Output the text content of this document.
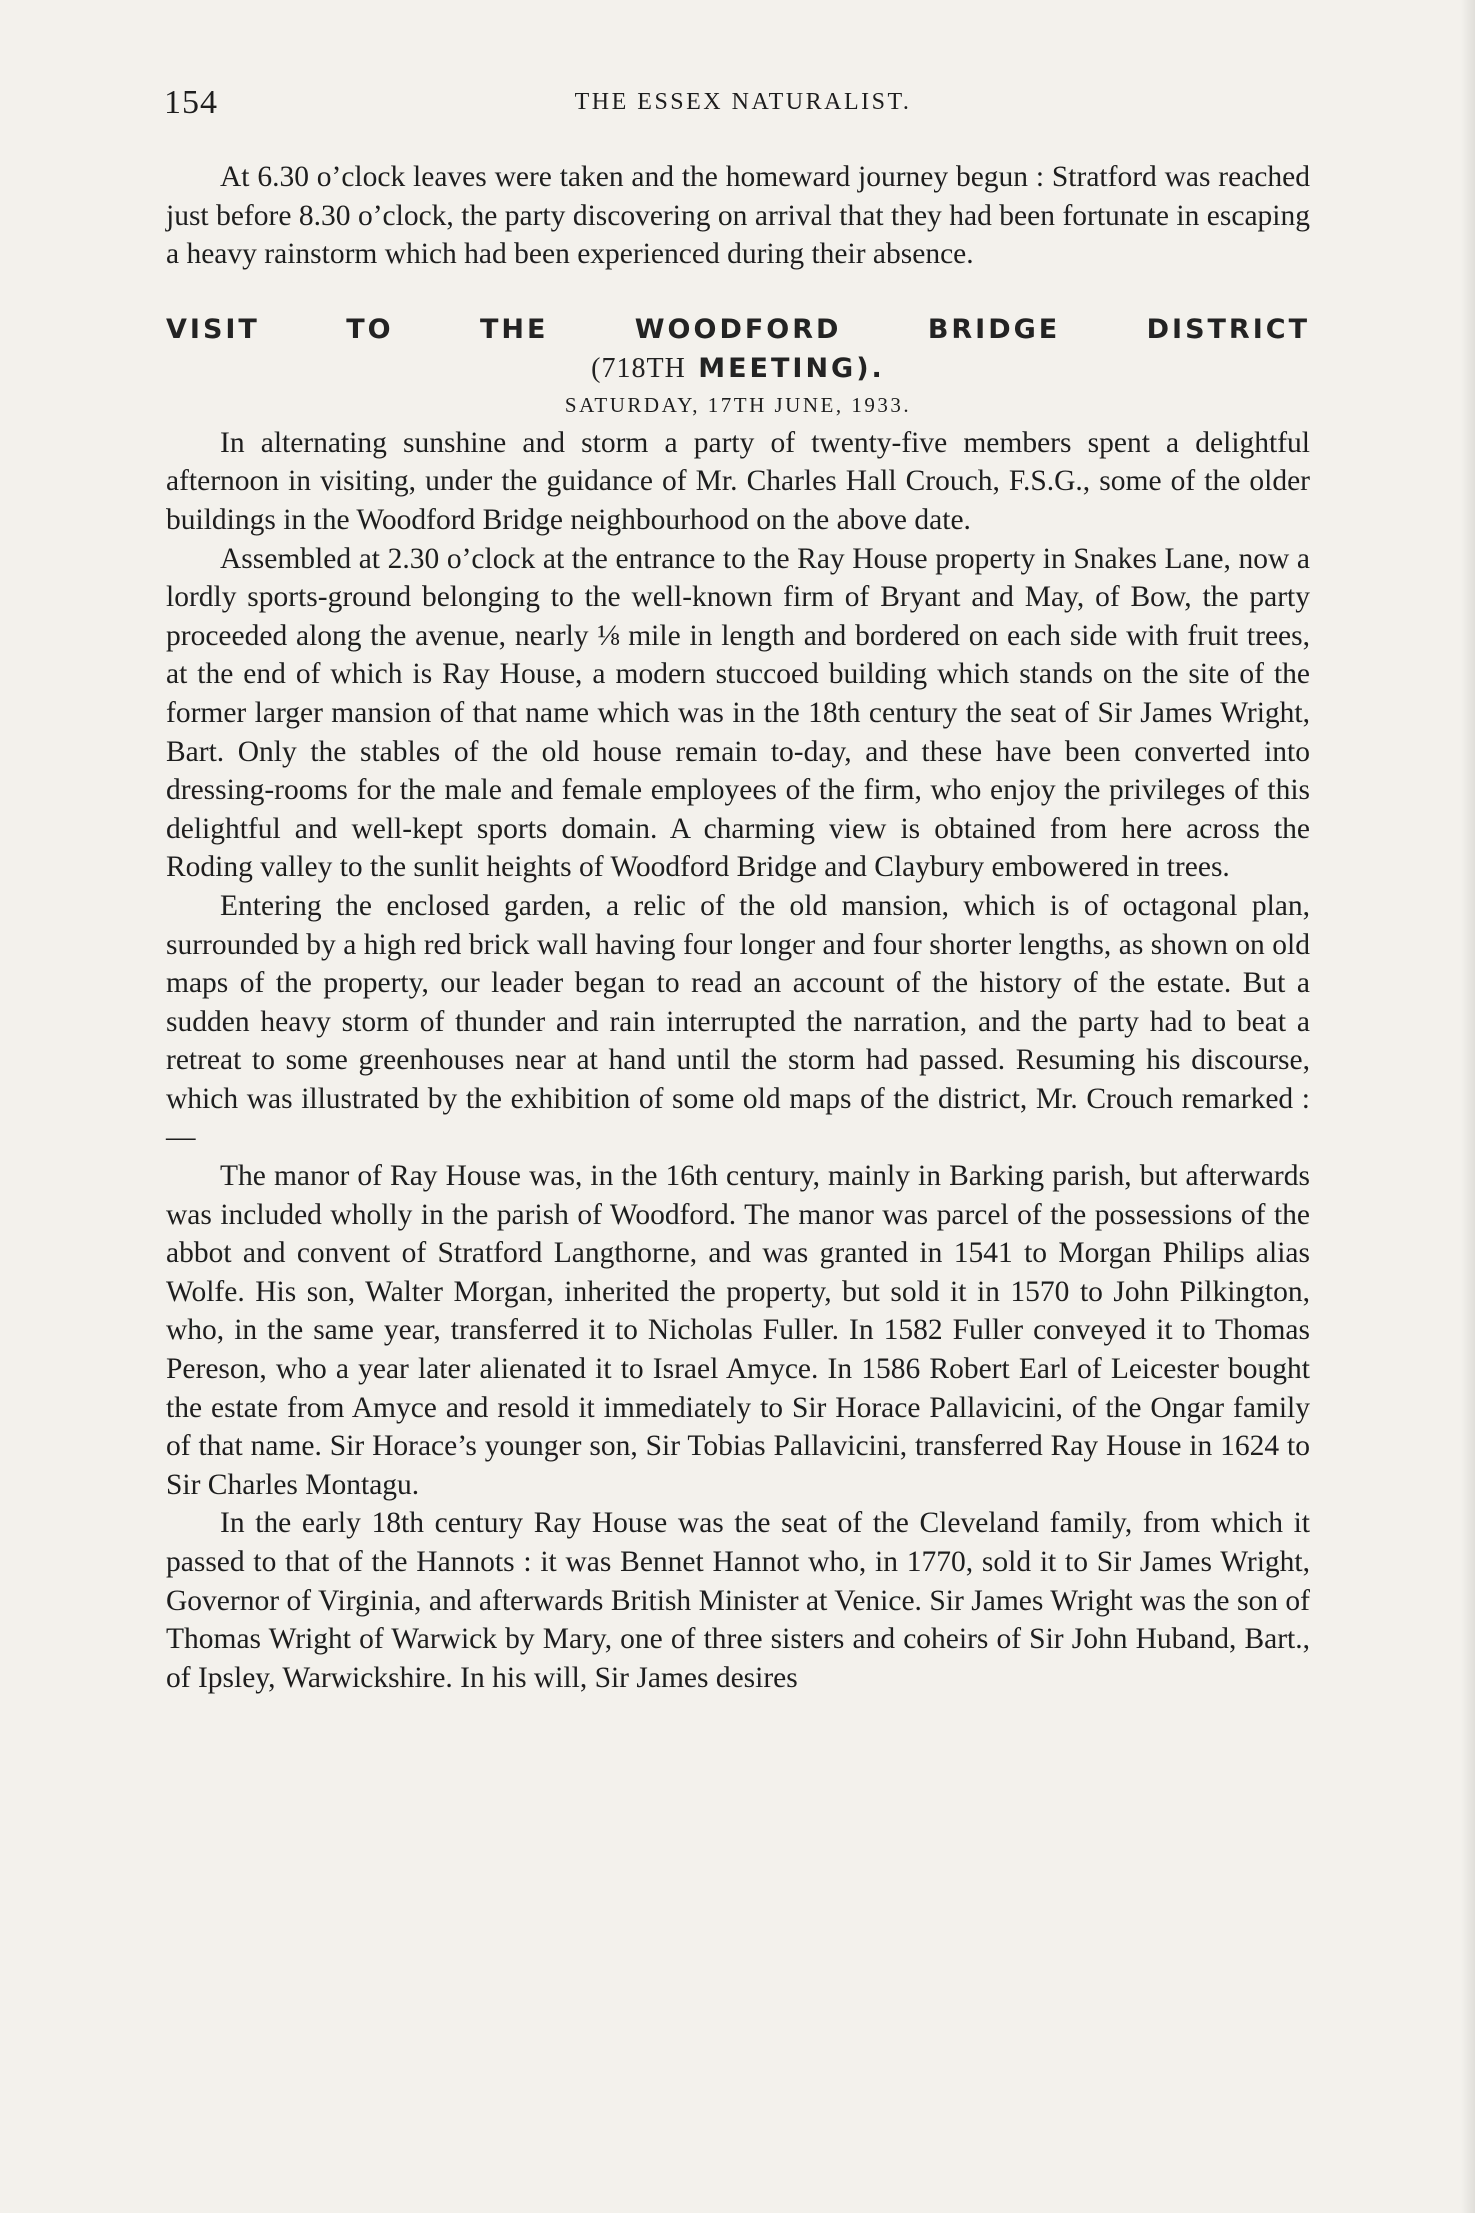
154	THE ESSEX NATURALIST.

At 6.30 o’clock leaves were taken and the homeward journey begun : Stratford was reached just before 8.30 o’clock, the party discovering on arrival that they had been fortunate in escaping a heavy rainstorm which had been experienced during their absence.

VISIT TO THE WOODFORD BRIDGE DISTRICT
(718TH MEETING).
SATURDAY, 17TH JUNE, 1933.

In alternating sunshine and storm a party of twenty-five members spent a delightful afternoon in visiting, under the guidance of Mr. Charles Hall Crouch, F.S.G., some of the older buildings in the Woodford Bridge neighbourhood on the above date.

Assembled at 2.30 o’clock at the entrance to the Ray House property in Snakes Lane, now a lordly sports-ground belonging to the well-known firm of Bryant and May, of Bow, the party proceeded along the avenue, nearly ⅛ mile in length and bordered on each side with fruit trees, at the end of which is Ray House, a modern stuccoed building which stands on the site of the former larger mansion of that name which was in the 18th century the seat of Sir James Wright, Bart. Only the stables of the old house remain to-day, and these have been converted into dressing-rooms for the male and female employees of the firm, who enjoy the privileges of this delightful and well-kept sports domain. A charming view is obtained from here across the Roding valley to the sunlit heights of Woodford Bridge and Claybury embowered in trees.

Entering the enclosed garden, a relic of the old mansion, which is of octagonal plan, surrounded by a high red brick wall having four longer and four shorter lengths, as shown on old maps of the property, our leader began to read an account of the history of the estate. But a sudden heavy storm of thunder and rain interrupted the narration, and the party had to beat a retreat to some greenhouses near at hand until the storm had passed. Resuming his discourse, which was illustrated by the exhibition of some old maps of the district, Mr. Crouch remarked :—

The manor of Ray House was, in the 16th century, mainly in Barking parish, but afterwards was included wholly in the parish of Woodford. The manor was parcel of the possessions of the abbot and convent of Stratford Langthorne, and was granted in 1541 to Morgan Philips alias Wolfe. His son, Walter Morgan, inherited the property, but sold it in 1570 to John Pilkington, who, in the same year, transferred it to Nicholas Fuller. In 1582 Fuller conveyed it to Thomas Pereson, who a year later alienated it to Israel Amyce. In 1586 Robert Earl of Leicester bought the estate from Amyce and resold it immediately to Sir Horace Pallavicini, of the Ongar family of that name. Sir Horace’s younger son, Sir Tobias Pallavicini, transferred Ray House in 1624 to Sir Charles Montagu.

In the early 18th century Ray House was the seat of the Cleveland family, from which it passed to that of the Hannots : it was Bennet Hannot who, in 1770, sold it to Sir James Wright, Governor of Virginia, and afterwards British Minister at Venice. Sir James Wright was the son of Thomas Wright of Warwick by Mary, one of three sisters and coheirs of Sir John Huband, Bart., of Ipsley, Warwickshire. In his will, Sir James desires
